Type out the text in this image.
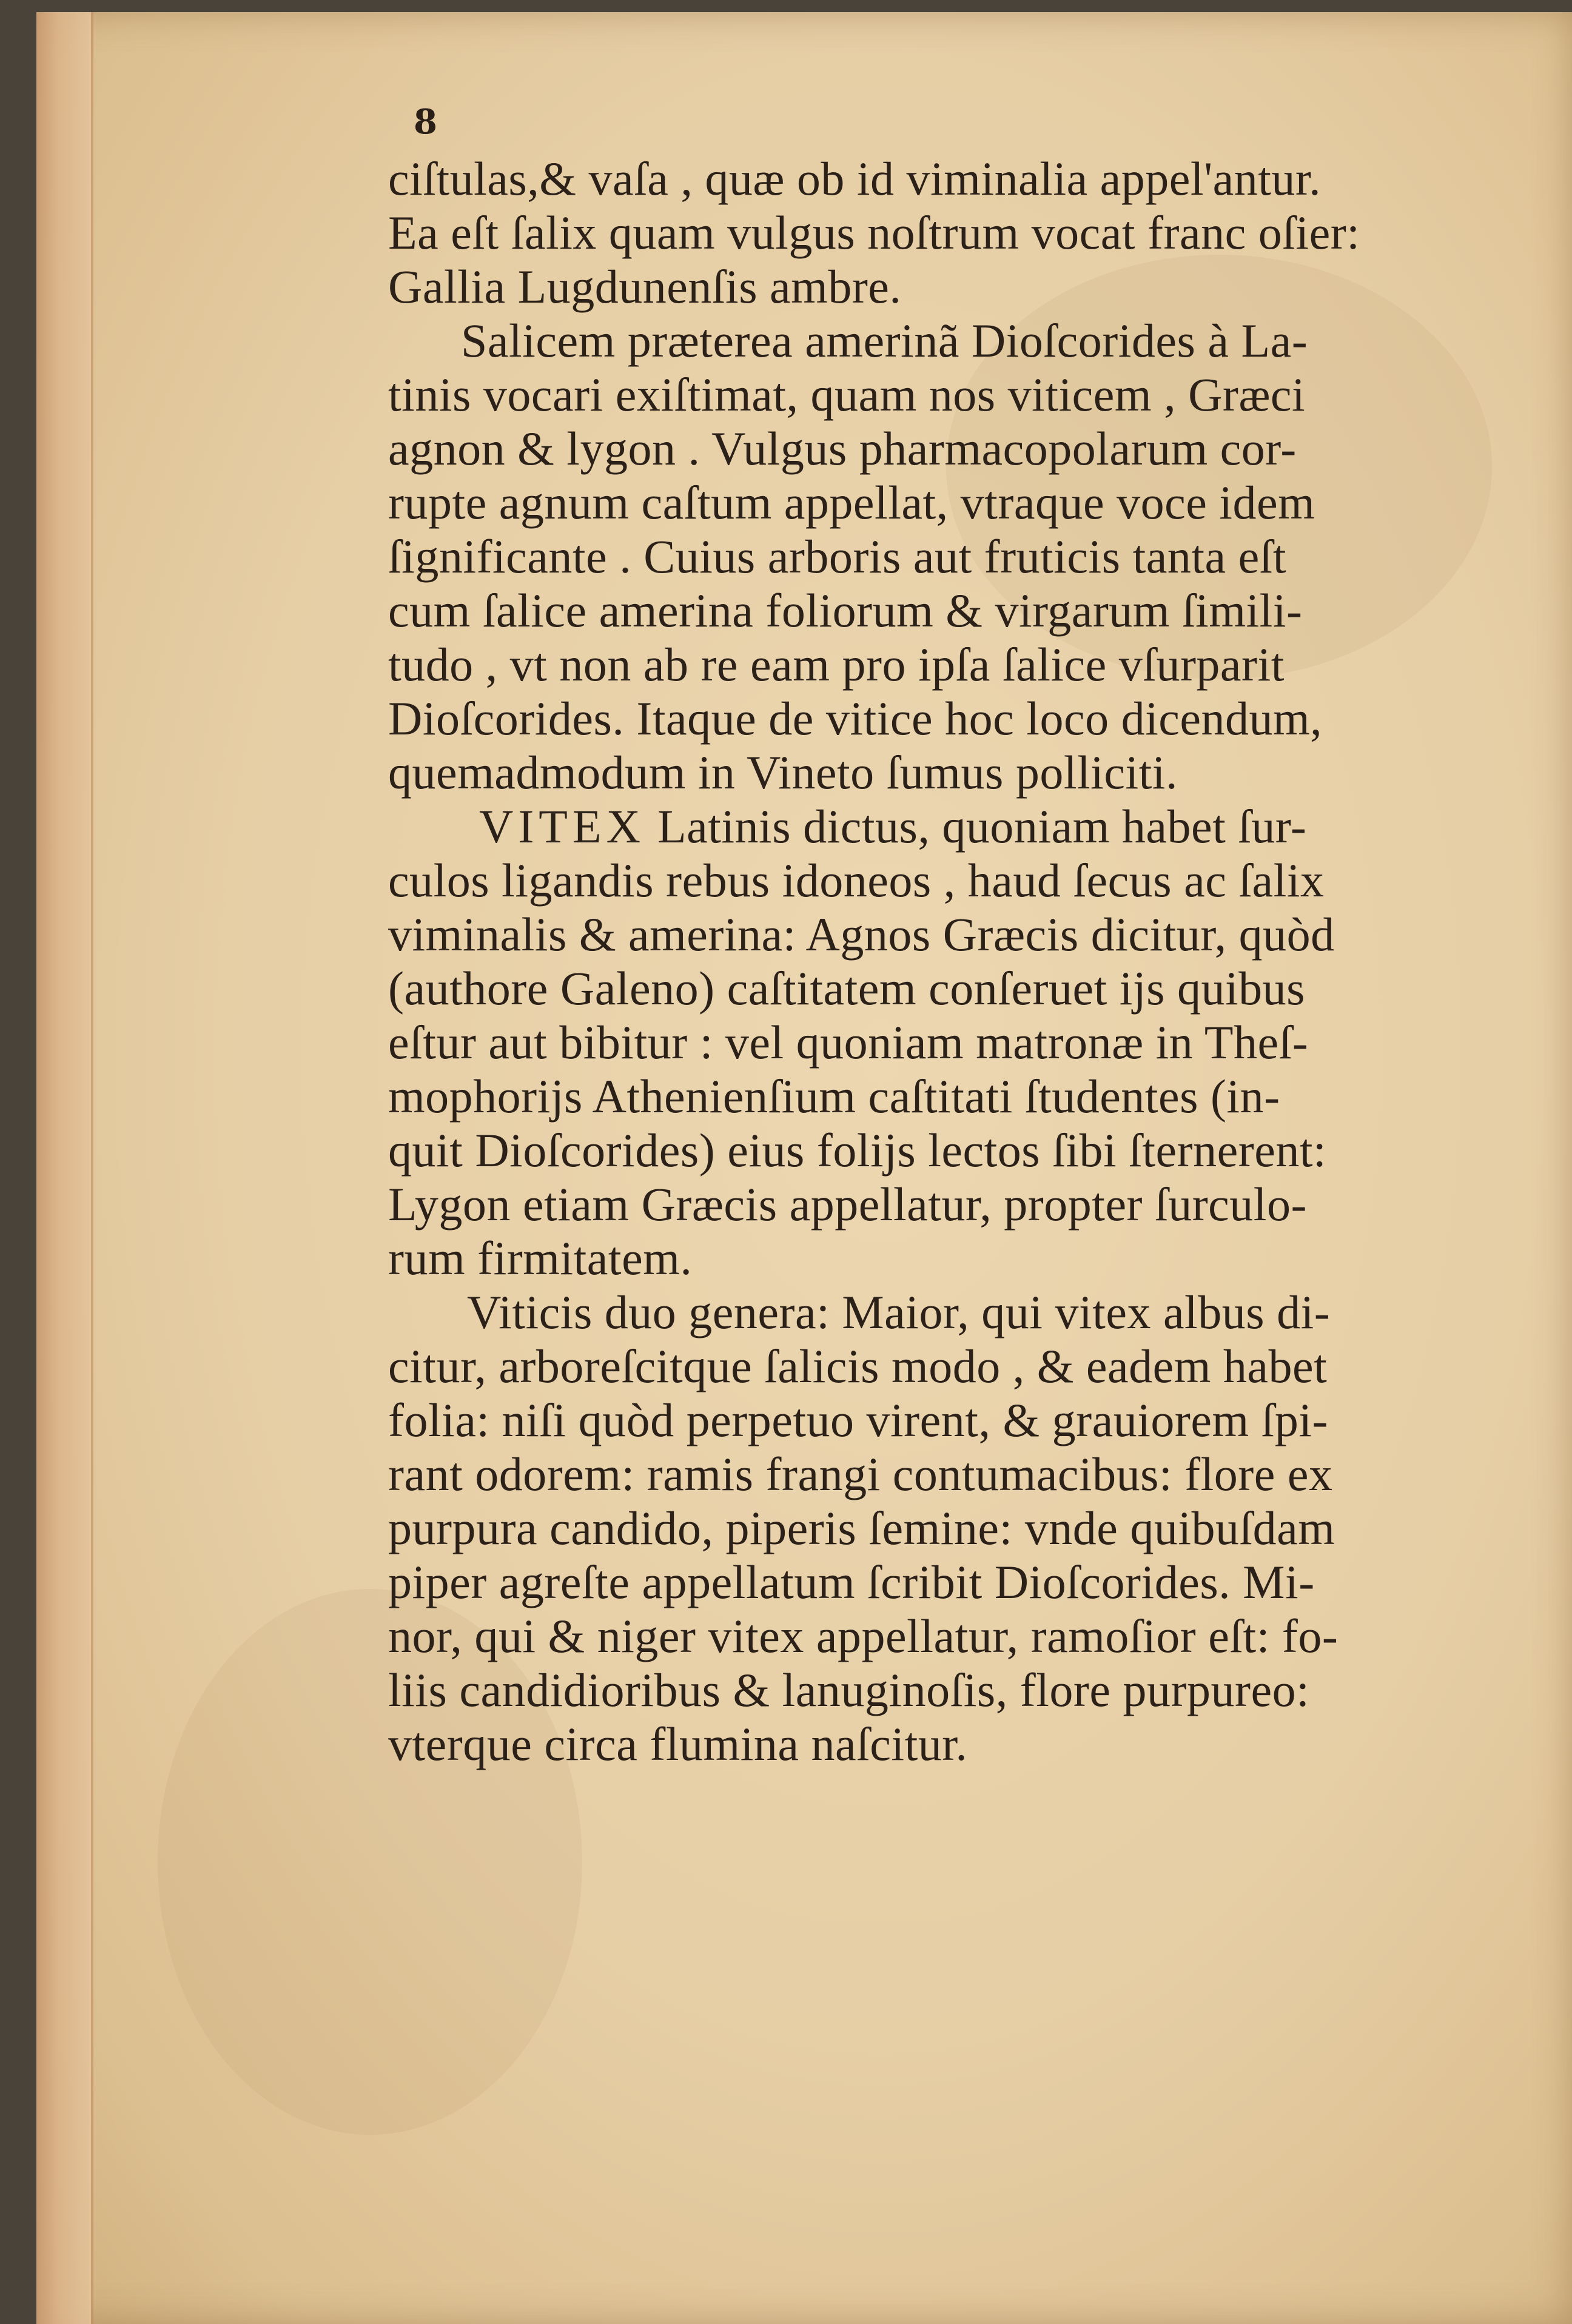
8
ciſtulas,& vaſa , quæ ob id viminalia appel'antur.
Ea eſt ſalix quam vulgus noſtrum vocat franc oſier:
Gallia Lugdunenſis ambre.
Salicem præterea amerinã Dioſcorides à La-
tinis vocari exiſtimat, quam nos viticem , Græci
agnon & lygon . Vulgus pharmacopolarum cor-
rupte agnum caſtum appellat, vtraque voce idem
ſignificante . Cuius arboris aut fruticis tanta eſt
cum ſalice amerina foliorum & virgarum ſimili-
tudo , vt non ab re eam pro ipſa ſalice vſurparit
Dioſcorides. Itaque de vitice hoc loco dicendum,
quemadmodum in Vineto ſumus polliciti.
VITEX Latinis dictus, quoniam habet ſur-
culos ligandis rebus idoneos , haud ſecus ac ſalix
viminalis & amerina: Agnos Græcis dicitur, quòd
(authore Galeno) caſtitatem conſeruet ijs quibus
eſtur aut bibitur : vel quoniam matronæ in Theſ-
mophorijs Athenienſium caſtitati ſtudentes (in-
quit Dioſcorides) eius folijs lectos ſibi ſternerent:
Lygon etiam Græcis appellatur, propter ſurculo-
rum firmitatem.
Viticis duo genera: Maior, qui vitex albus di-
citur, arboreſcitque ſalicis modo , & eadem habet
folia: niſi quòd perpetuo virent, & grauiorem ſpi-
rant odorem: ramis frangi contumacibus: flore ex
purpura candido, piperis ſemine: vnde quibuſdam
piper agreſte appellatum ſcribit Dioſcorides. Mi-
nor, qui & niger vitex appellatur, ramoſior eſt: fo-
liis candidioribus & lanuginoſis, flore purpureo:
vterque circa flumina naſcitur.
